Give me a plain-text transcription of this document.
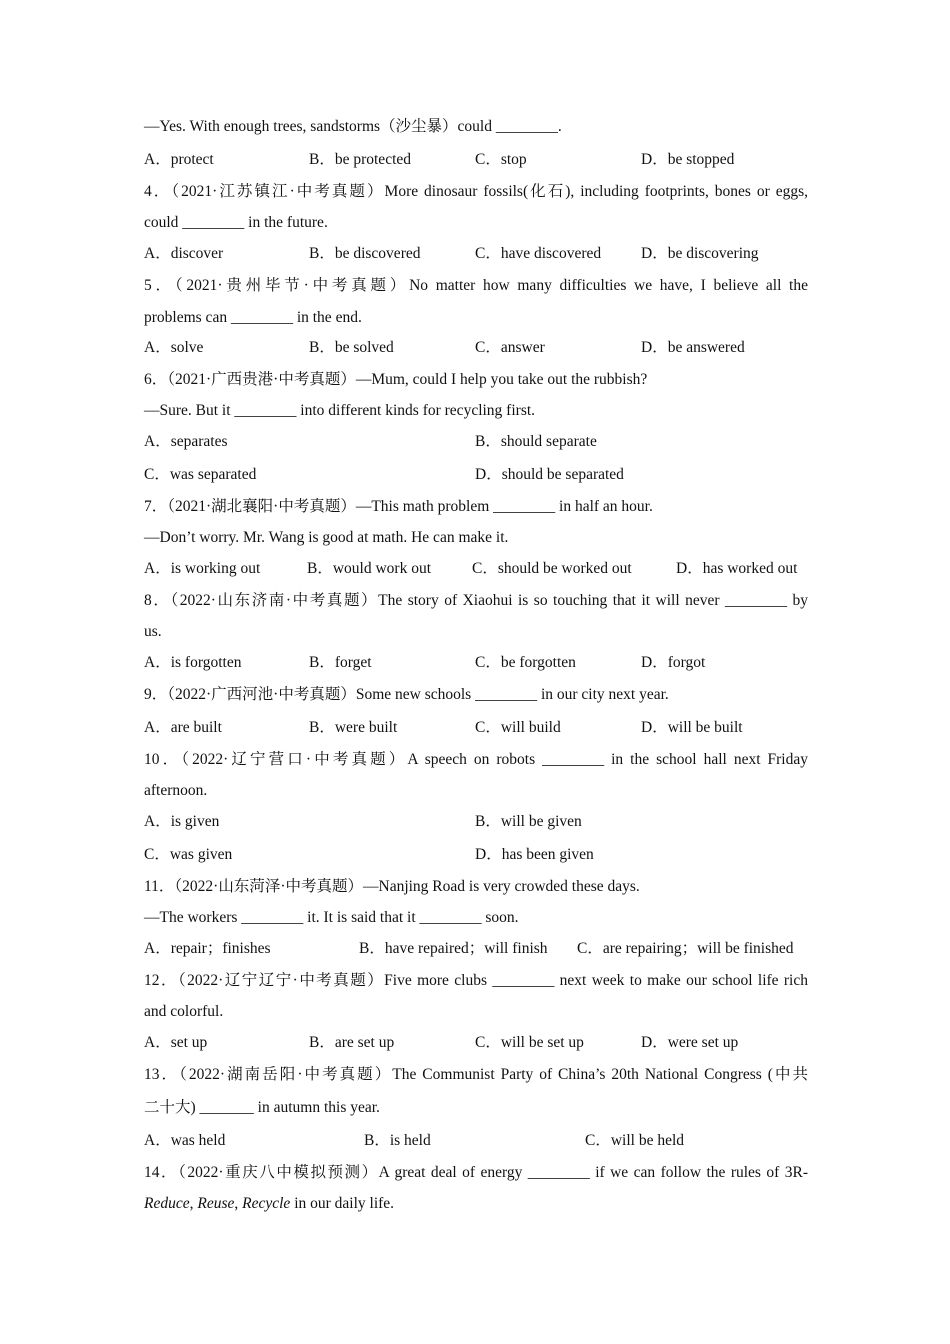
—Yes. With enough trees, sandstorms（沙尘暴）could ________.
A．protect	B．be protected	C．stop	D．be stopped
4．（2021·江苏镇江·中考真题）More dinosaur fossils(化石), including footprints, bones or eggs,
could ________ in the future.
A．discover	B．be discovered	C．have discovered	D．be discovering
5．（2021·贵州毕节·中考真题）No matter how many difficulties we have, I believe all the
problems can ________ in the end.
A．solve	B．be solved	C．answer	D．be answered
6．（2021·广西贵港·中考真题）—Mum, could I help you take out the rubbish?
—Sure. But it ________ into different kinds for recycling first.
A．separates	B．should separate
C．was separated	D．should be separated
7．（2021·湖北襄阳·中考真题）—This math problem ________ in half an hour.
—Don’t worry. Mr. Wang is good at math. He can make it.
A．is working out	B．would work out	C．should be worked out	D．has worked out
8．（2022·山东济南·中考真题）The story of Xiaohui is so touching that it will never ________ by
us.
A．is forgotten	B．forget	C．be forgotten	D．forgot
9．（2022·广西河池·中考真题）Some new schools ________ in our city next year.
A．are built	B．were built	C．will build	D．will be built
10．（2022·辽宁营口·中考真题）A speech on robots ________ in the school hall next Friday
afternoon.
A．is given	B．will be given
C．was given	D．has been given
11．（2022·山东菏泽·中考真题）—Nanjing Road is very crowded these days.
—The workers ________ it. It is said that it ________ soon.
A．repair；finishes	B．have repaired；will finish C．are repairing；will be finished
12．（2022·辽宁辽宁·中考真题）Five more clubs ________ next week to make our school life rich
and colorful.
A．set up	B．are set up	C．will be set up	D．were set up
13．（2022·湖南岳阳·中考真题）The Communist Party of China’s 20th National Congress (中共
二十大) _______ in autumn this year.
A．was held	B．is held	C．will be held
14．（2022·重庆八中模拟预测）A great deal of energy ________ if we can follow the rules of 3R-
Reduce, Reuse, Recycle in our daily life.
